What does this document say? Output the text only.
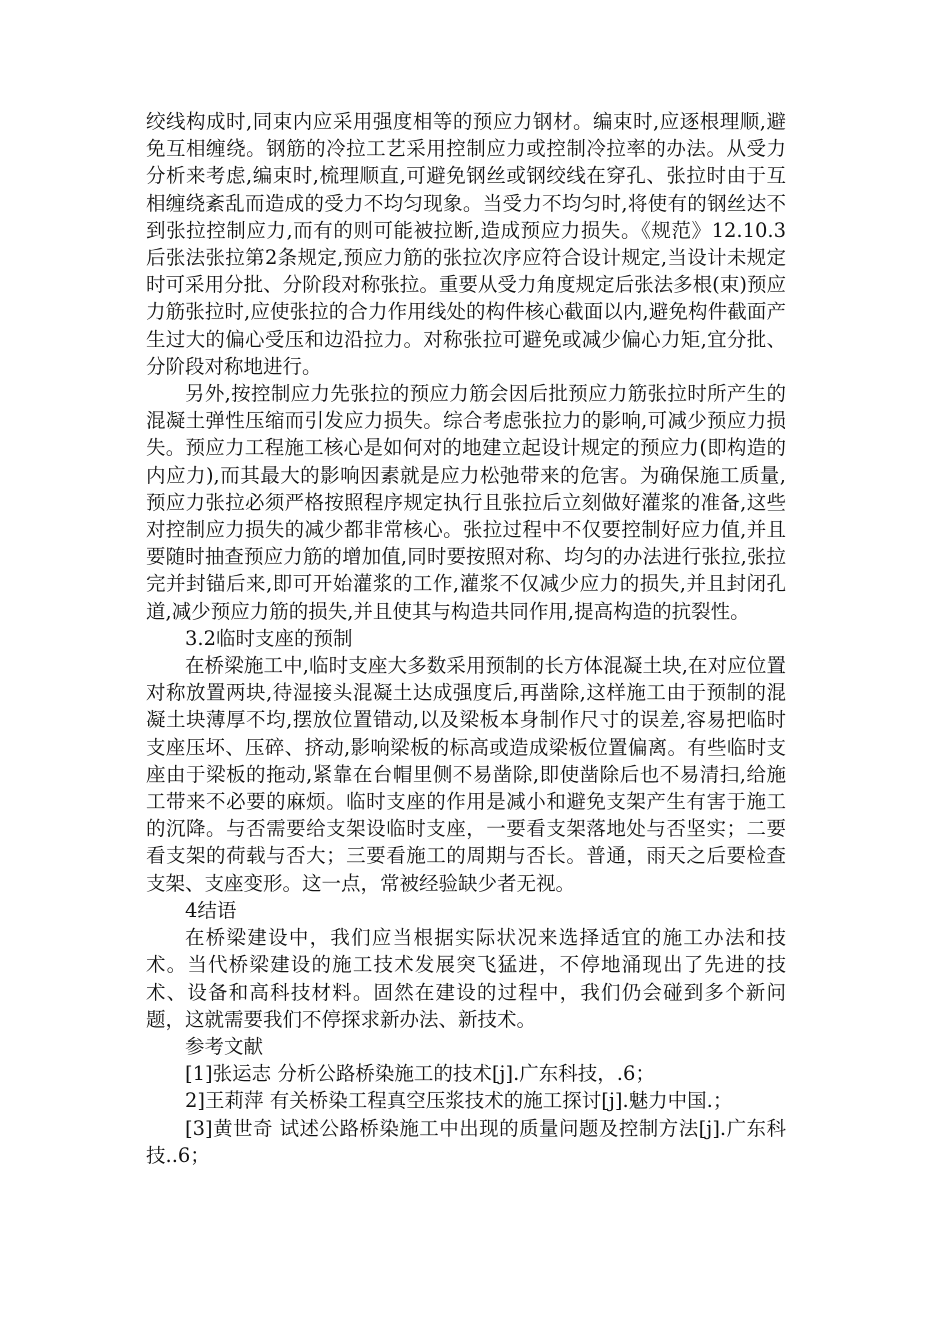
绞线构成时,同束内应采用强度相等的预应力钢材。编束时,应逐根理顺,避免互相缠绕。钢筋的冷拉工艺采用控制应力或控制冷拉率的办法。从受力分析来考虑,编束时,梳理顺直,可避免钢丝或钢绞线在穿孔、张拉时由于互相缠绕紊乱而造成的受力不均匀现象。当受力不均匀时,将使有的钢丝达不到张拉控制应力,而有的则可能被拉断,造成预应力损失。《规范》12.10.3后张法张拉第2条规定,预应力筋的张拉次序应符合设计规定,当设计未规定时可采用分批、分阶段对称张拉。重要从受力角度规定后张法多根(束)预应力筋张拉时,应使张拉的合力作用线处的构件核心截面以内,避免构件截面产生过大的偏心受压和边沿拉力。对称张拉可避免或减少偏心力矩,宜分批、分阶段对称地进行。

另外,按控制应力先张拉的预应力筋会因后批预应力筋张拉时所产生的混凝土弹性压缩而引发应力损失。综合考虑张拉力的影响,可减少预应力损失。预应力工程施工核心是如何对的地建立起设计规定的预应力(即构造的内应力),而其最大的影响因素就是应力松弛带来的危害。为确保施工质量,预应力张拉必须严格按照程序规定执行且张拉后立刻做好灌浆的准备,这些对控制应力损失的减少都非常核心。张拉过程中不仅要控制好应力值,并且要随时抽查预应力筋的增加值,同时要按照对称、均匀的办法进行张拉,张拉完并封锚后来,即可开始灌浆的工作,灌浆不仅减少应力的损失,并且封闭孔道,减少预应力筋的损失,并且使其与构造共同作用,提高构造的抗裂性。

3.2临时支座的预制

在桥梁施工中,临时支座大多数采用预制的长方体混凝土块,在对应位置对称放置两块,待湿接头混凝土达成强度后,再凿除,这样施工由于预制的混凝土块薄厚不均,摆放位置错动,以及梁板本身制作尺寸的误差,容易把临时支座压坏、压碎、挤动,影响梁板的标高或造成梁板位置偏离。有些临时支座由于梁板的拖动,紧靠在台帽里侧不易凿除,即使凿除后也不易清扫,给施工带来不必要的麻烦。临时支座的作用是减小和避免支架产生有害于施工的沉降。与否需要给支架设临时支座，一要看支架落地处与否坚实；二要看支架的荷载与否大；三要看施工的周期与否长。普通，雨天之后要检查支架、支座变形。这一点，常被经验缺少者无视。

4结语

在桥梁建设中，我们应当根据实际状况来选择适宜的施工办法和技术。当代桥梁建设的施工技术发展突飞猛进，不停地涌现出了先进的技术、设备和高科技材料。固然在建设的过程中，我们仍会碰到多个新问题，这就需要我们不停探求新办法、新技术。

参考文献

[1]张运志 分析公路桥染施工的技术[j].广东科技，.6；

2]王莉萍 有关桥染工程真空压浆技术的施工探讨[j].魅力中国.；

[3]黄世奇 试述公路桥染施工中出现的质量问题及控制方法[j].广东科技..6；
